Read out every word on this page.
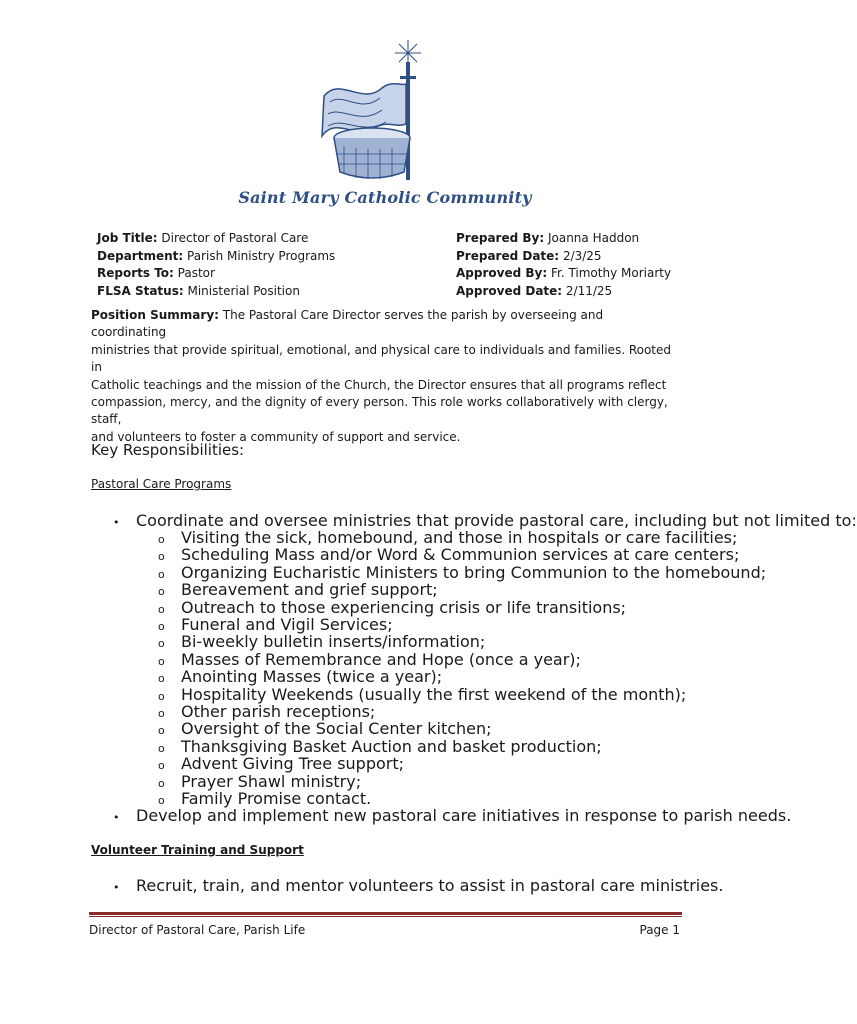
Saint Mary Catholic Community
Job Title: Director of Pastoral Care
Department: Parish Ministry Programs
Reports To: Pastor
FLSA Status: Ministerial Position
Prepared By: Joanna Haddon
Prepared Date: 2/3/25
Approved By: Fr. Timothy Moriarty
Approved Date: 2/11/25
Position Summary: The Pastoral Care Director serves the parish by overseeing and coordinating
ministries that provide spiritual, emotional, and physical care to individuals and families. Rooted in
Catholic teachings and the mission of the Church, the Director ensures that all programs reflect
compassion, mercy, and the dignity of every person. This role works collaboratively with clergy, staff,
and volunteers to foster a community of support and service.
Key Responsibilities:
Pastoral Care Programs
• Coordinate and oversee ministries that provide pastoral care, including but not limited to:
o Visiting the sick, homebound, and those in hospitals or care facilities;
o Scheduling Mass and/or Word & Communion services at care centers;
o Organizing Eucharistic Ministers to bring Communion to the homebound;
o Bereavement and grief support;
o Outreach to those experiencing crisis or life transitions;
o Funeral and Vigil Services;
o Bi-weekly bulletin inserts/information;
o Masses of Remembrance and Hope (once a year);
o Anointing Masses (twice a year);
o Hospitality Weekends (usually the first weekend of the month);
o Other parish receptions;
o Oversight of the Social Center kitchen;
o Thanksgiving Basket Auction and basket production;
o Advent Giving Tree support;
o Prayer Shawl ministry;
o Family Promise contact.
• Develop and implement new pastoral care initiatives in response to parish needs.
Volunteer Training and Support
• Recruit, train, and mentor volunteers to assist in pastoral care ministries.
Director of Pastoral Care, Parish Life	Page 1
